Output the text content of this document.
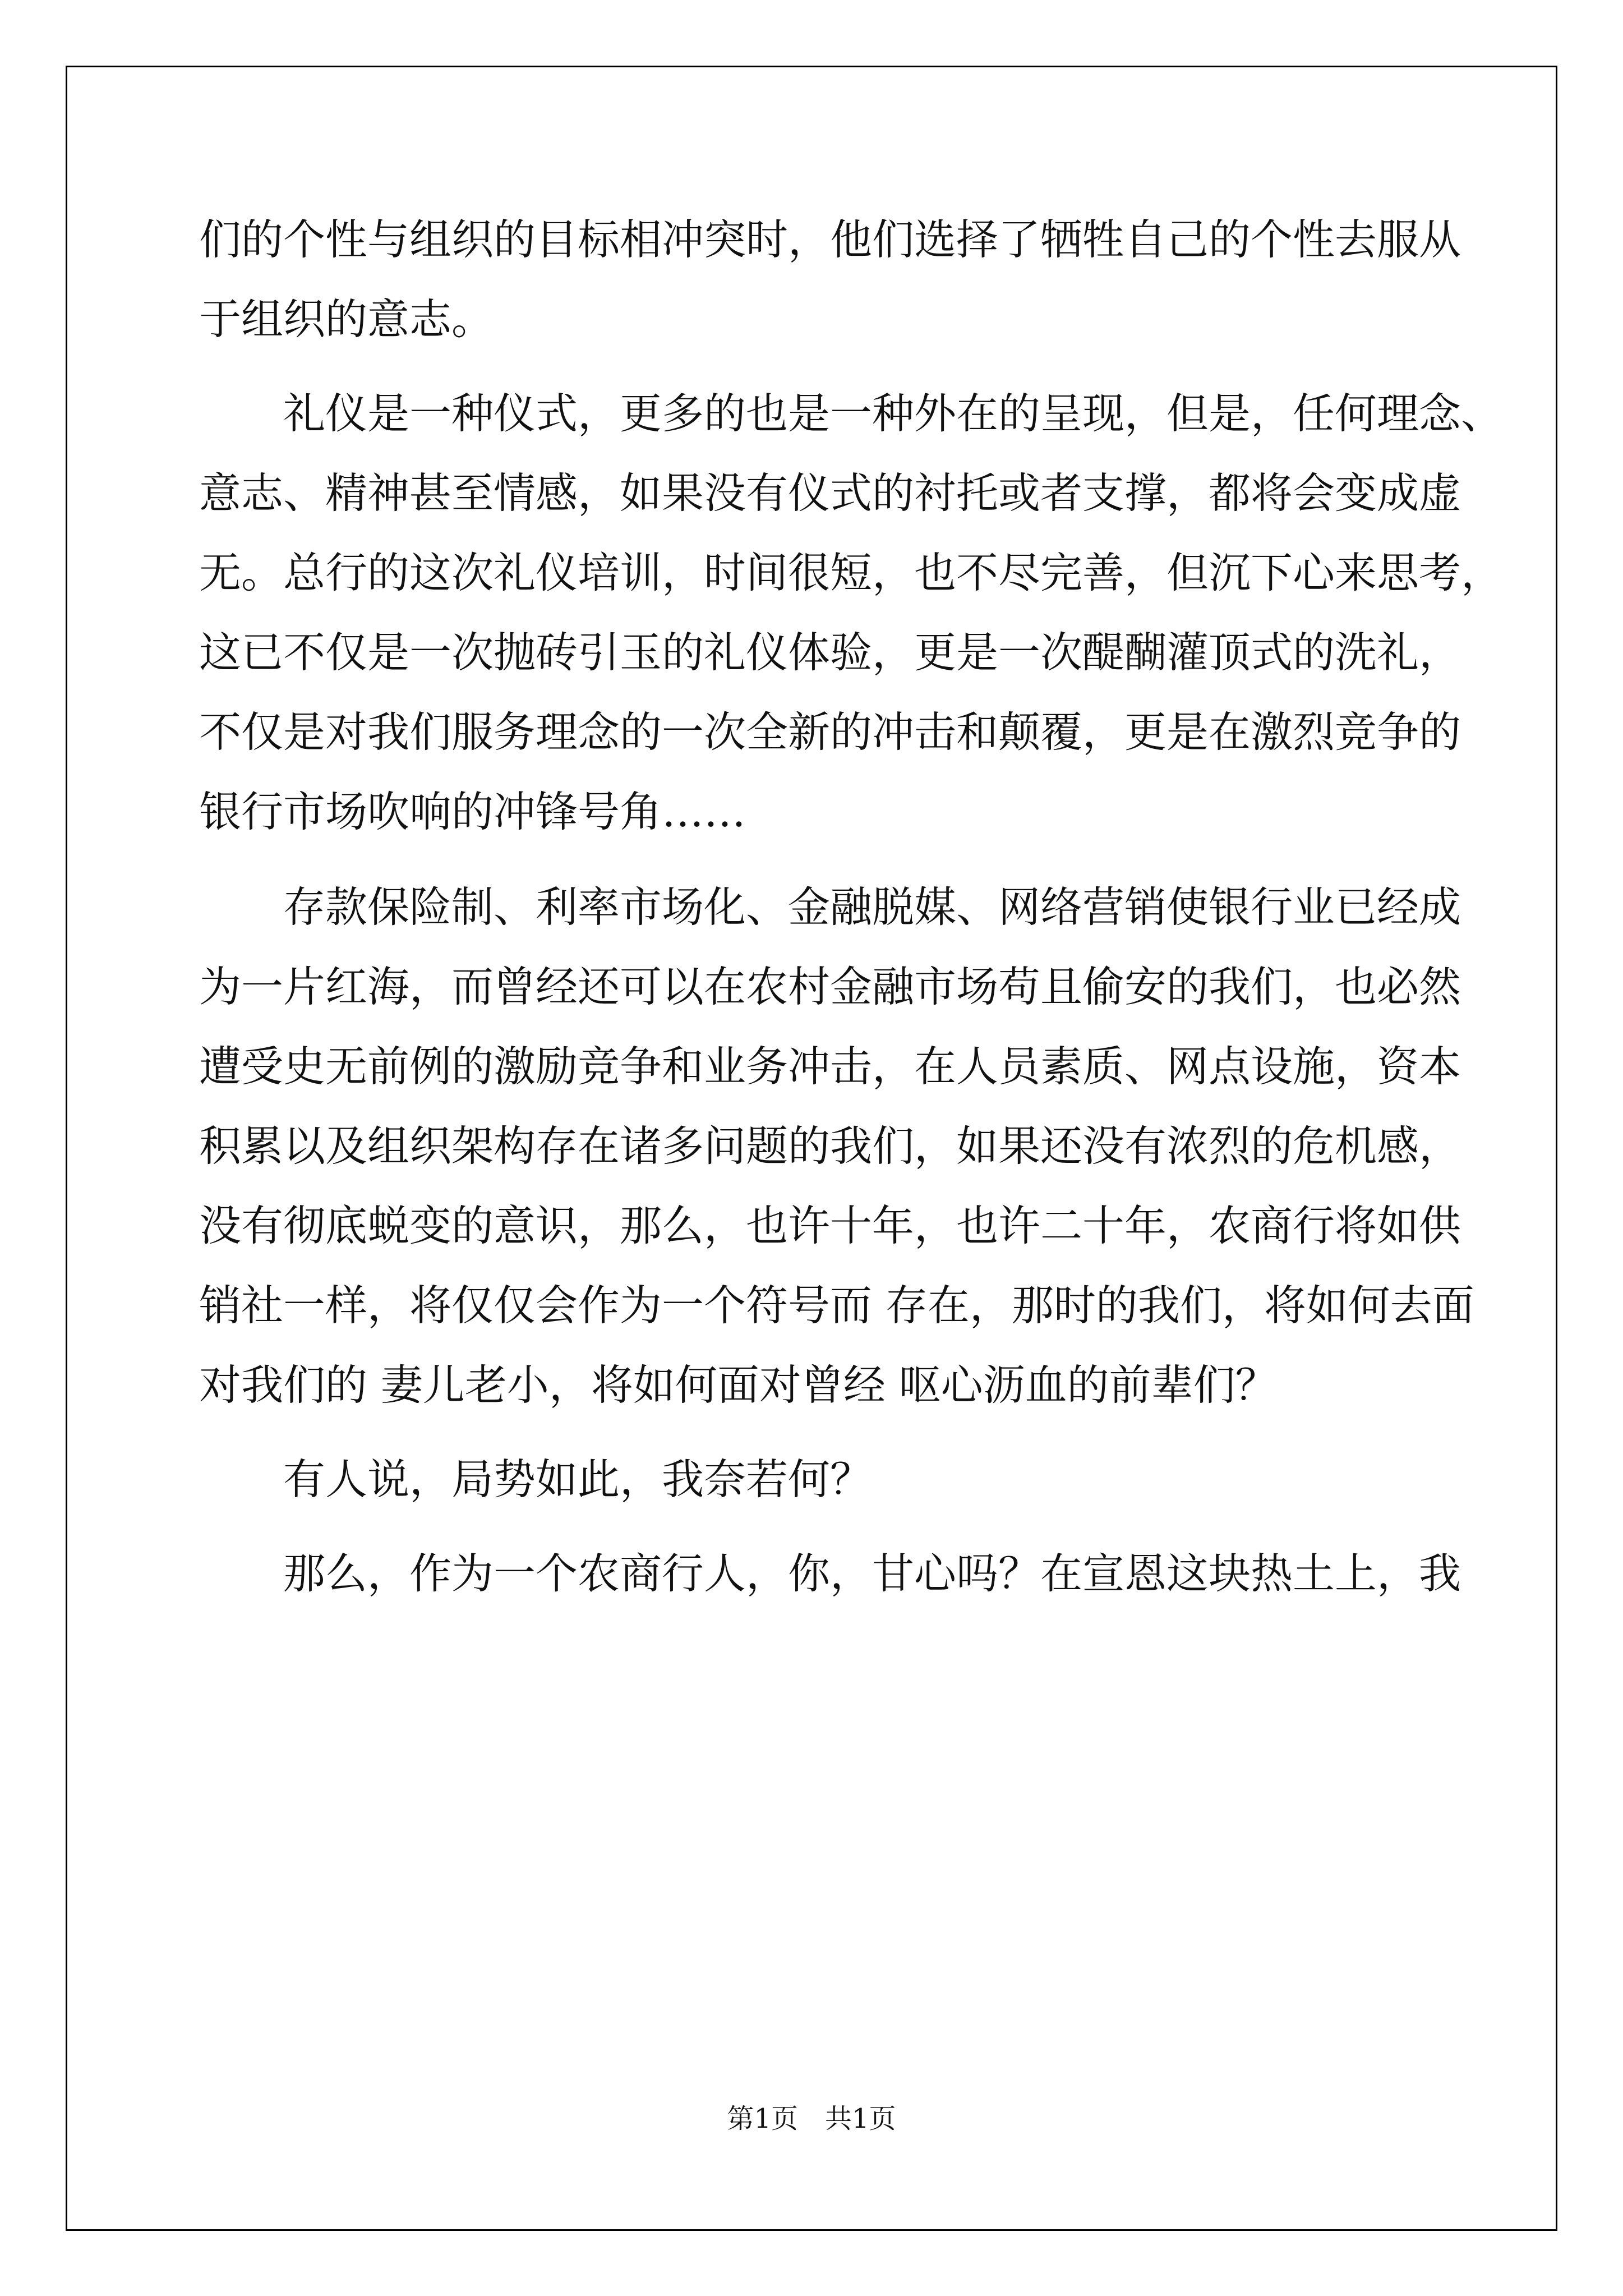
们的个性与组织的目标相冲突时，他们选择了牺牲自己的个性去服从
于组织的意志。
礼仪是一种仪式，更多的也是一种外在的呈现，但是，任何理念、
意志、精神甚至情感，如果没有仪式的衬托或者支撑，都将会变成虚
无。总行的这次礼仪培训，时间很短，也不尽完善，但沉下心来思考，
这已不仅是一次抛砖引玉的礼仪体验，更是一次醍醐灌顶式的洗礼，
不仅是对我们服务理念的一次全新的冲击和颠覆，更是在激烈竞争的
银行市场吹响的冲锋号角……
存款保险制、利率市场化、金融脱媒、网络营销使银行业已经成
为一片红海，而曾经还可以在农村金融市场苟且偷安的我们，也必然
遭受史无前例的激励竞争和业务冲击，在人员素质、网点设施，资本
积累以及组织架构存在诸多问题的我们，如果还没有浓烈的危机感，
没有彻底蜕变的意识，那么，也许十年，也许二十年，农商行将如供
销社一样，将仅仅会作为一个符号而 存在，那时的我们，将如何去面
对我们的 妻儿老小，将如何面对曾经 呕心沥血的前辈们？
有人说，局势如此，我奈若何？
那么，作为一个农商行人，你，甘心吗？在宣恩这块热土上，我
第1页　共1页
